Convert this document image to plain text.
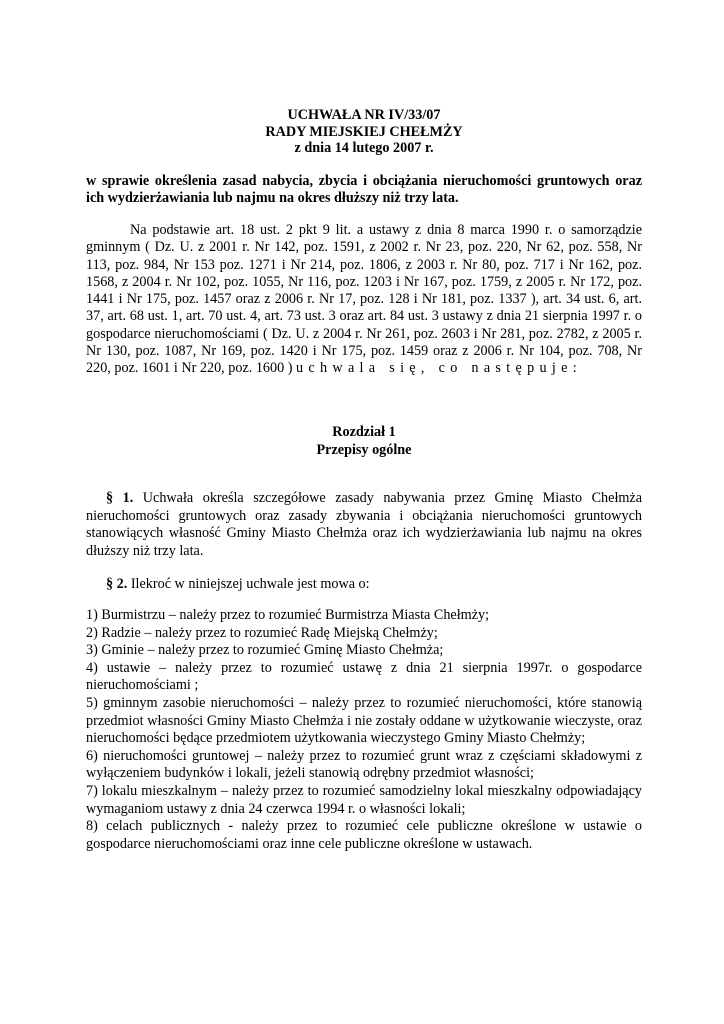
UCHWAŁA NR IV/33/07
RADY MIEJSKIEJ CHEŁMŻY
z dnia 14 lutego 2007 r.
w sprawie określenia zasad nabycia, zbycia i obciążania nieruchomości gruntowych oraz ich wydzierżawiania lub najmu na okres dłuższy niż trzy lata.
Na podstawie art. 18 ust. 2 pkt 9 lit. a ustawy z dnia 8 marca 1990 r. o samorządzie gminnym ( Dz. U. z 2001 r. Nr 142, poz. 1591, z 2002 r. Nr 23, poz. 220, Nr 62, poz. 558, Nr 113, poz. 984, Nr 153 poz. 1271 i Nr 214, poz. 1806, z 2003 r. Nr 80, poz. 717 i Nr 162, poz. 1568, z 2004 r. Nr 102, poz. 1055, Nr 116, poz. 1203 i Nr 167, poz. 1759, z 2005 r. Nr 172, poz. 1441 i Nr 175, poz. 1457 oraz z 2006 r. Nr 17, poz. 128 i Nr 181, poz. 1337 ), art. 34 ust. 6, art. 37, art. 68 ust. 1, art. 70 ust. 4, art. 73 ust. 3 oraz art. 84 ust. 3 ustawy z dnia 21 sierpnia 1997 r. o gospodarce nieruchomościami ( Dz. U. z 2004 r. Nr 261, poz. 2603 i Nr 281, poz. 2782, z 2005 r. Nr 130, poz. 1087, Nr 169, poz. 1420 i Nr 175, poz. 1459 oraz z 2006 r. Nr 104, poz. 708, Nr 220, poz. 1601 i Nr 220, poz. 1600 ) uchwala się, co następuje:
Rozdział 1
Przepisy ogólne
§ 1. Uchwała określa szczegółowe zasady nabywania przez Gminę Miasto Chełmża nieruchomości gruntowych oraz zasady zbywania i obciążania nieruchomości gruntowych stanowiących własność Gminy Miasto Chełmża oraz ich wydzierżawiania lub najmu na okres dłuższy niż trzy lata.
§ 2. Ilekroć w niniejszej uchwale jest mowa o:
1) Burmistrzu – należy przez to rozumieć Burmistrza Miasta Chełmży;
2) Radzie – należy przez to rozumieć Radę Miejską Chełmży;
3) Gminie – należy przez to rozumieć Gminę Miasto Chełmża;
4) ustawie – należy przez to rozumieć ustawę z dnia 21 sierpnia 1997r. o gospodarce nieruchomościami ;
5) gminnym zasobie nieruchomości – należy przez to rozumieć nieruchomości, które stanowią przedmiot własności Gminy Miasto Chełmża i nie zostały oddane w użytkowanie wieczyste, oraz nieruchomości będące przedmiotem użytkowania wieczystego Gminy Miasto Chełmży;
6) nieruchomości gruntowej – należy przez to rozumieć grunt wraz z częściami składowymi z wyłączeniem budynków i lokali, jeżeli stanowią odrębny przedmiot własności;
7) lokalu mieszkalnym – należy przez to rozumieć samodzielny lokal mieszkalny odpowiadający wymaganiom ustawy z dnia 24 czerwca 1994 r. o własności lokali;
8) celach publicznych - należy przez to rozumieć cele publiczne określone w ustawie o gospodarce nieruchomościami oraz inne cele publiczne określone w ustawach.
